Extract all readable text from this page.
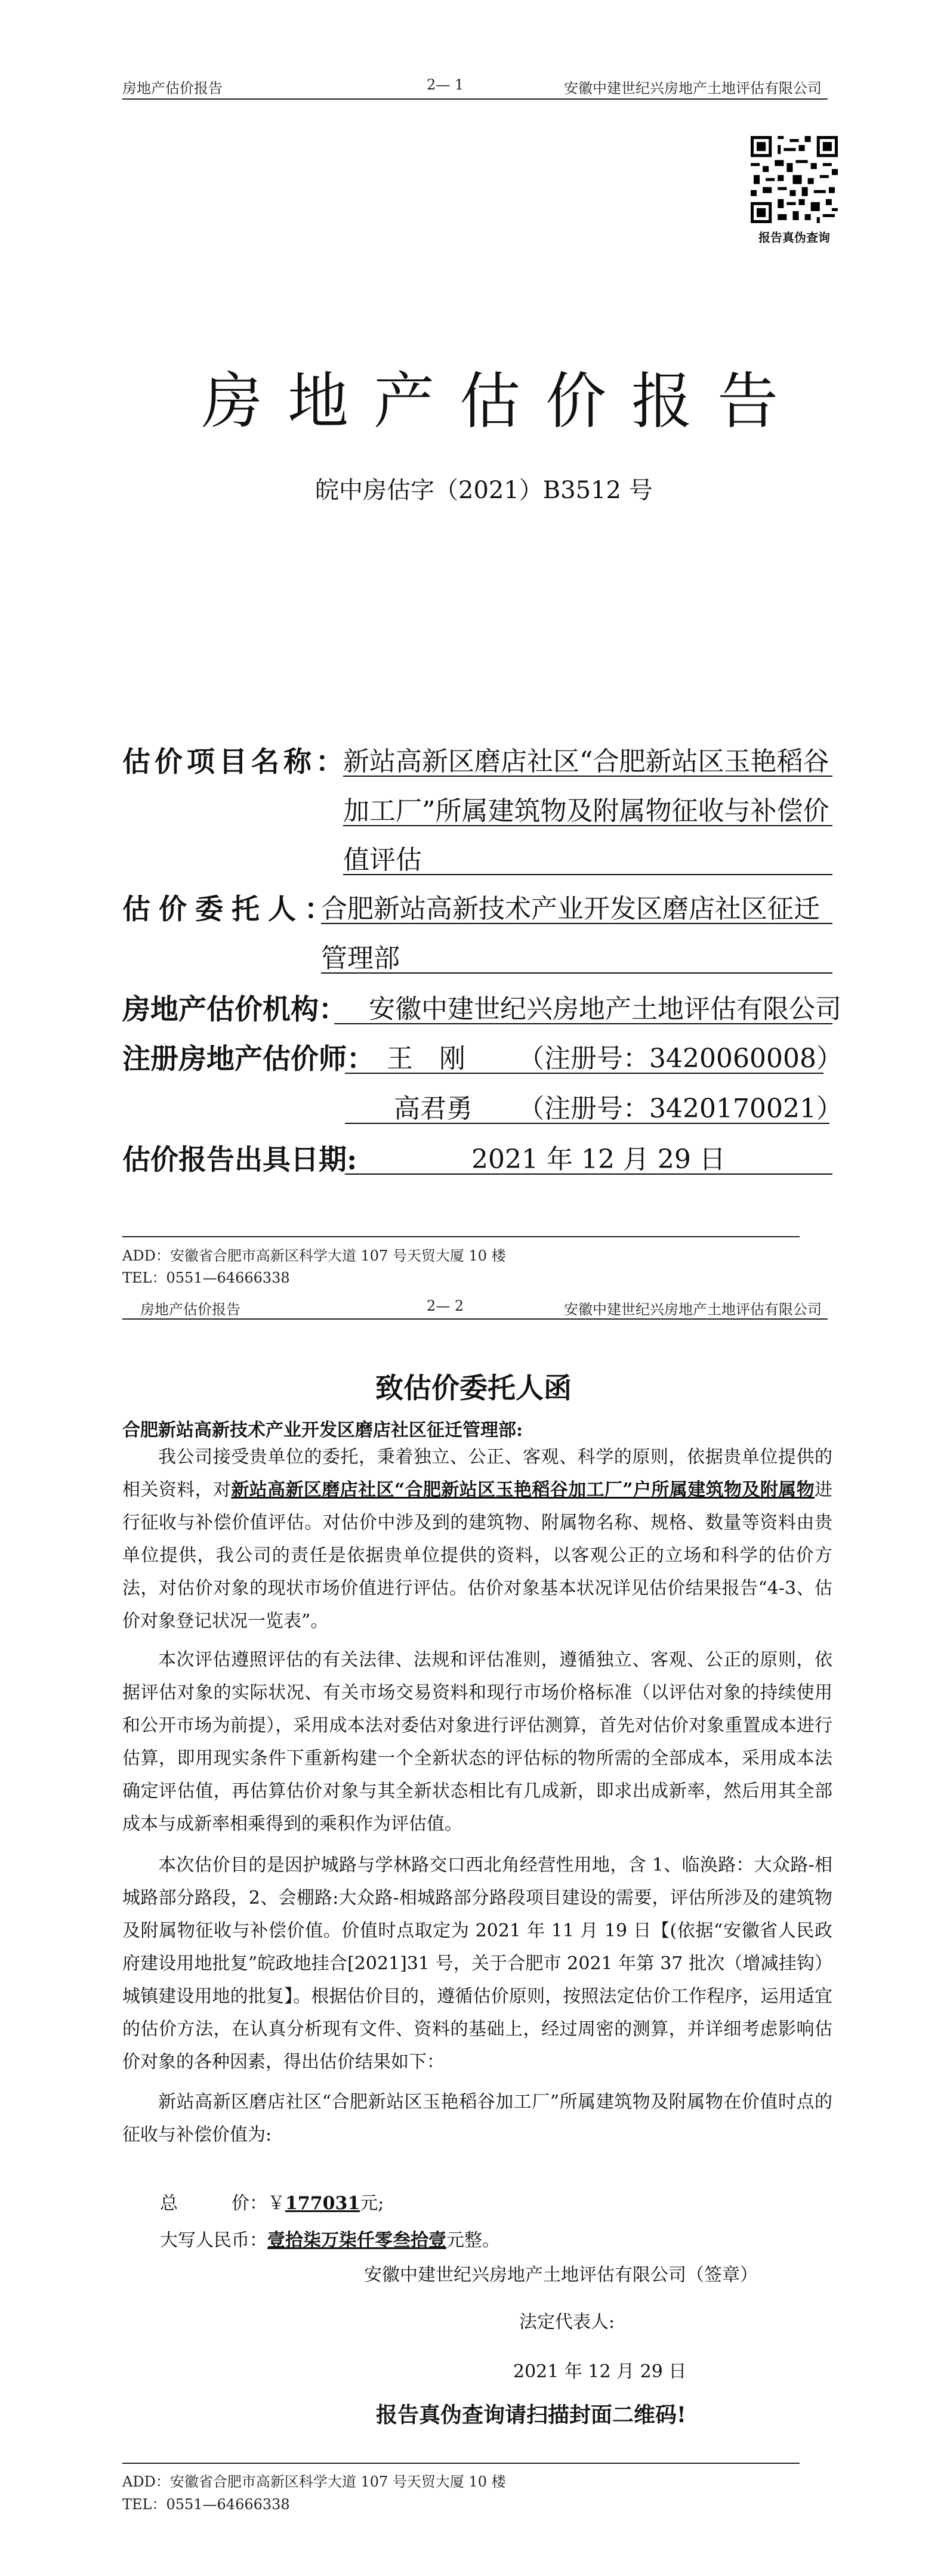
房地产估价报告	2— 1	安徽中建世纪兴房地产土地评估有限公司
报告真伪查询
房地产估价报告
皖中房估字（2021）B3512 号
估价项目名称：
新站高新区磨店社区“合肥新站区玉艳稻谷
加工厂”所属建筑物及附属物征收与补偿价
值评估
估价委托人：
合肥新站高新技术产业开发区磨店社区征迁
管理部
房地产估价机构： 安徽中建世纪兴房地产土地评估有限公司
注册房地产估价师： 王　刚 （注册号：3420060008）
高君勇 （注册号：3420170021）
估价报告出具日期:	2021 年 12 月 29 日
ADD：安徽省合肥市高新区科学大道 107 号天贸大厦 10 楼
TEL：0551—64666338
房地产估价报告	2— 2	安徽中建世纪兴房地产土地评估有限公司
致估价委托人函
合肥新站高新技术产业开发区磨店社区征迁管理部:

我公司接受贵单位的委托，秉着独立、公正、客观、科学的原则，依据贵单位提供的相关资料，对新站高新区磨店社区“合肥新站区玉艳稻谷加工厂”户所属建筑物及附属物进行征收与补偿价值评估。对估价中涉及到的建筑物、附属物名称、规格、数量等资料由贵单位提供，我公司的责任是依据贵单位提供的资料，以客观公正的立场和科学的估价方法，对估价对象的现状市场价值进行评估。估价对象基本状况详见估价结果报告“4-3、估价对象登记状况一览表”。

本次评估遵照评估的有关法律、法规和评估准则，遵循独立、客观、公正的原则，依据评估对象的实际状况、有关市场交易资料和现行市场价格标准（以评估对象的持续使用和公开市场为前提），采用成本法对委估对象进行评估测算，首先对估价对象重置成本进行估算，即用现实条件下重新构建一个全新状态的评估标的物所需的全部成本，采用成本法确定评估值，再估算估价对象与其全新状态相比有几成新，即求出成新率，然后用其全部成本与成新率相乘得到的乘积作为评估值。

本次估价目的是因护城路与学林路交口西北角经营性用地，含 1、临涣路：大众路-相城路部分路段，2、会棚路:大众路-相城路部分路段项目建设的需要，评估所涉及的建筑物及附属物征收与补偿价值。价值时点取定为 2021 年 11 月 19 日【(依据“安徽省人民政府建设用地批复”皖政地挂合[2021]31 号，关于合肥市 2021 年第 37 批次（增减挂钩）城镇建设用地的批复】。根据估价目的，遵循估价原则，按照法定估价工作程序，运用适宜的估价方法，在认真分析现有文件、资料的基础上，经过周密的测算，并详细考虑影响估价对象的各种因素，得出估价结果如下：

新站高新区磨店社区“合肥新站区玉艳稻谷加工厂”所属建筑物及附属物在价值时点的征收与补偿价值为:

总　　　价：￥177031元;
大写人民币：壹拾柒万柒仟零叁拾壹元整。
安徽中建世纪兴房地产土地评估有限公司（签章）
法定代表人:
2021 年 12 月 29 日
报告真伪查询请扫描封面二维码!
ADD：安徽省合肥市高新区科学大道 107 号天贸大厦 10 楼
TEL：0551—64666338
